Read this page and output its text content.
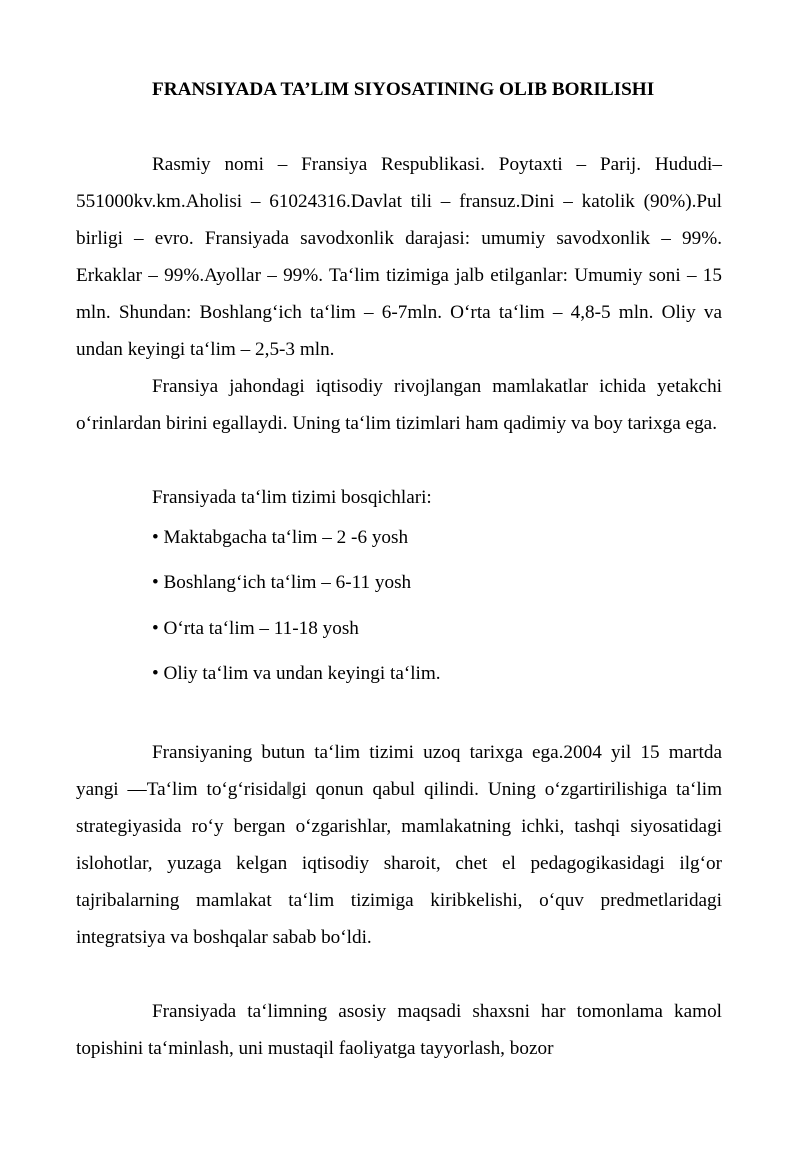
FRANSIYADA TA’LIM SIYOSATINING OLIB BORILISHI

Rasmiy nomi – Fransiya Respublikasi. Poytaxti – Parij. Hududi– 551000kv.km.Aholisi – 61024316.Davlat tili – fransuz.Dini – katolik (90%).Pul birligi – evro. Fransiyada savodxonlik darajasi: umumiy savodxonlik – 99%. Erkaklar – 99%.Ayollar – 99%. Ta‘lim tizimiga jalb etilganlar: Umumiy soni – 15 mln. Shundan: Boshlang‘ich ta‘lim – 6-7mln. O‘rta ta‘lim – 4,8-5 mln. Oliy va undan keyingi ta‘lim – 2,5-3 mln.

Fransiya jahondagi iqtisodiy rivojlangan mamlakatlar ichida yetakchi o‘rinlardan birini egallaydi. Uning ta‘lim tizimlari ham qadimiy va boy tarixga ega.

Fransiyada ta‘lim tizimi bosqichlari:

• Maktabgacha ta‘lim – 2 -6 yosh

• Boshlang‘ich ta‘lim – 6-11 yosh

• O‘rta ta‘lim – 11-18 yosh

• Oliy ta‘lim va undan keyingi ta‘lim.

Fransiyaning butun ta‘lim tizimi uzoq tarixga ega.2004 yil 15 martda yangi ―Ta‘lim to‘g‘risida‖gi qonun qabul qilindi. Uning o‘zgartirilishiga ta‘lim strategiyasida ro‘y bergan o‘zgarishlar, mamlakatning ichki, tashqi siyosatidagi islohotlar, yuzaga kelgan iqtisodiy sharoit, chet el pedagogikasidagi ilg‘or tajribalarning mamlakat ta‘lim tizimiga kiribkelishi, o‘quv predmetlaridagi integratsiya va boshqalar sabab bo‘ldi.

Fransiyada ta‘limning asosiy maqsadi shaxsni har tomonlama kamol topishini ta‘minlash, uni mustaqil faoliyatga tayyorlash, bozor
